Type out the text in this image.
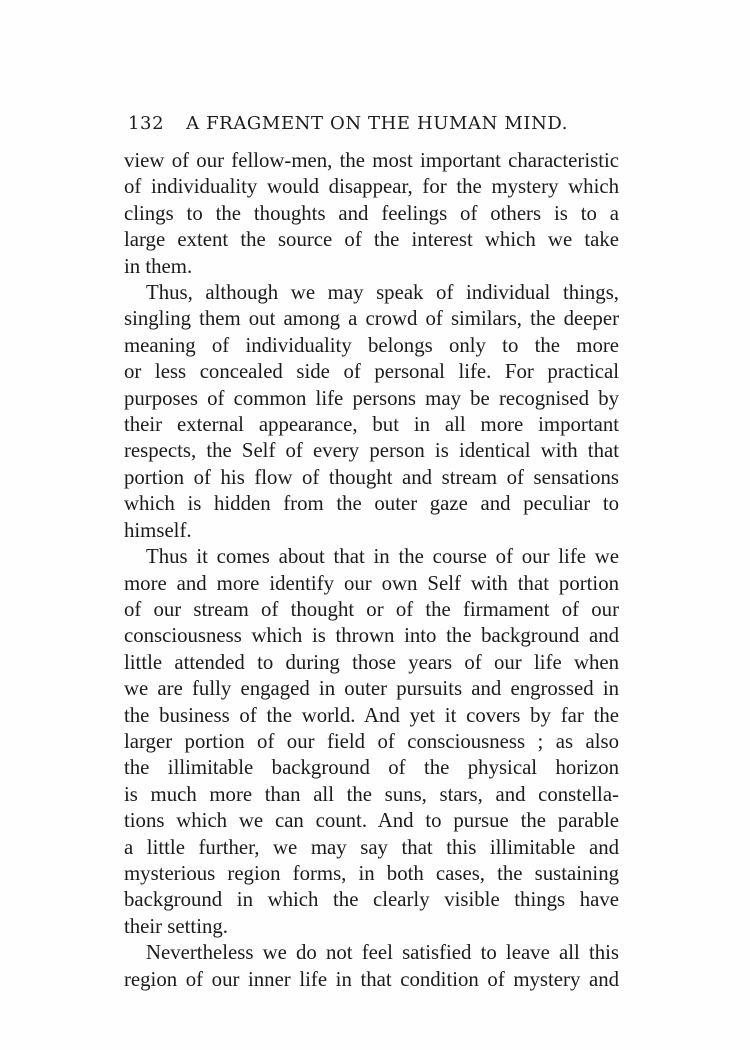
132 A FRAGMENT ON THE HUMAN MIND.

view of our fellow-men, the most important characteristic
of individuality would disappear, for the mystery which
clings to the thoughts and feelings of others is to a
large extent the source of the interest which we take
in them.

Thus, although we may speak of individual things,
singling them out among a crowd of similars, the deeper
meaning of individuality belongs only to the more
or less concealed side of personal life. For practical
purposes of common life persons may be recognised by
their external appearance, but in all more important
respects, the Self of every person is identical with that
portion of his flow of thought and stream of sensations
which is hidden from the outer gaze and peculiar to
himself.

Thus it comes about that in the course of our life we
more and more identify our own Self with that portion
of our stream of thought or of the firmament of our
consciousness which is thrown into the background and
little attended to during those years of our life when
we are fully engaged in outer pursuits and engrossed in
the business of the world. And yet it covers by far the
larger portion of our field of consciousness ; as also
the illimitable background of the physical horizon
is much more than all the suns, stars, and constella-
tions which we can count. And to pursue the parable
a little further, we may say that this illimitable and
mysterious region forms, in both cases, the sustaining
background in which the clearly visible things have
their setting.

Nevertheless we do not feel satisfied to leave all this
region of our inner life in that condition of mystery and
